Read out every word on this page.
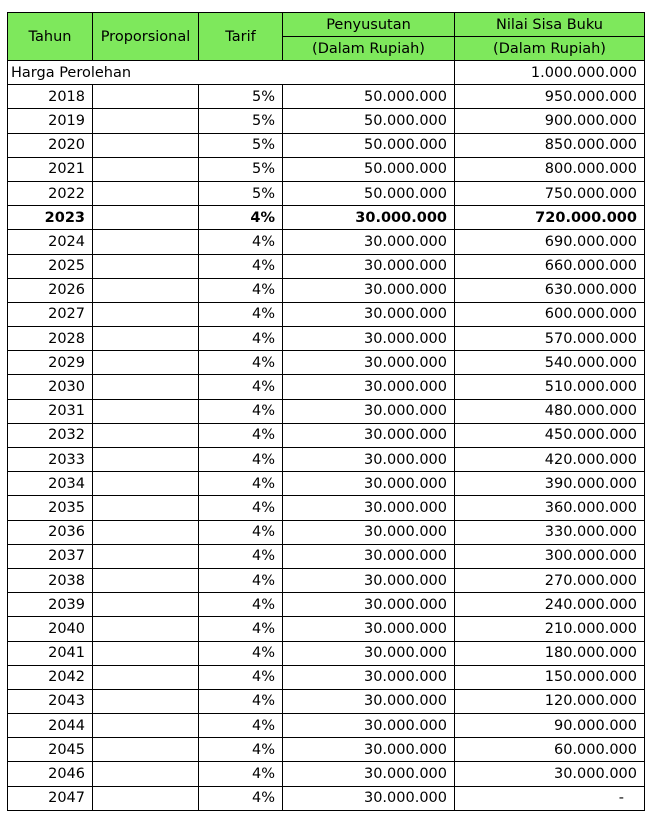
Tahun	Proporsional	Tarif	Penyusutan	Nilai Sisa Buku
			(Dalam Rupiah)	(Dalam Rupiah)
Harga Perolehan				1.000.000.000
2018		5%	50.000.000	950.000.000
2019		5%	50.000.000	900.000.000
2020		5%	50.000.000	850.000.000
2021		5%	50.000.000	800.000.000
2022		5%	50.000.000	750.000.000
2023		4%	30.000.000	720.000.000
2024		4%	30.000.000	690.000.000
2025		4%	30.000.000	660.000.000
2026		4%	30.000.000	630.000.000
2027		4%	30.000.000	600.000.000
2028		4%	30.000.000	570.000.000
2029		4%	30.000.000	540.000.000
2030		4%	30.000.000	510.000.000
2031		4%	30.000.000	480.000.000
2032		4%	30.000.000	450.000.000
2033		4%	30.000.000	420.000.000
2034		4%	30.000.000	390.000.000
2035		4%	30.000.000	360.000.000
2036		4%	30.000.000	330.000.000
2037		4%	30.000.000	300.000.000
2038		4%	30.000.000	270.000.000
2039		4%	30.000.000	240.000.000
2040		4%	30.000.000	210.000.000
2041		4%	30.000.000	180.000.000
2042		4%	30.000.000	150.000.000
2043		4%	30.000.000	120.000.000
2044		4%	30.000.000	90.000.000
2045		4%	30.000.000	60.000.000
2046		4%	30.000.000	30.000.000
2047		4%	30.000.000	-
